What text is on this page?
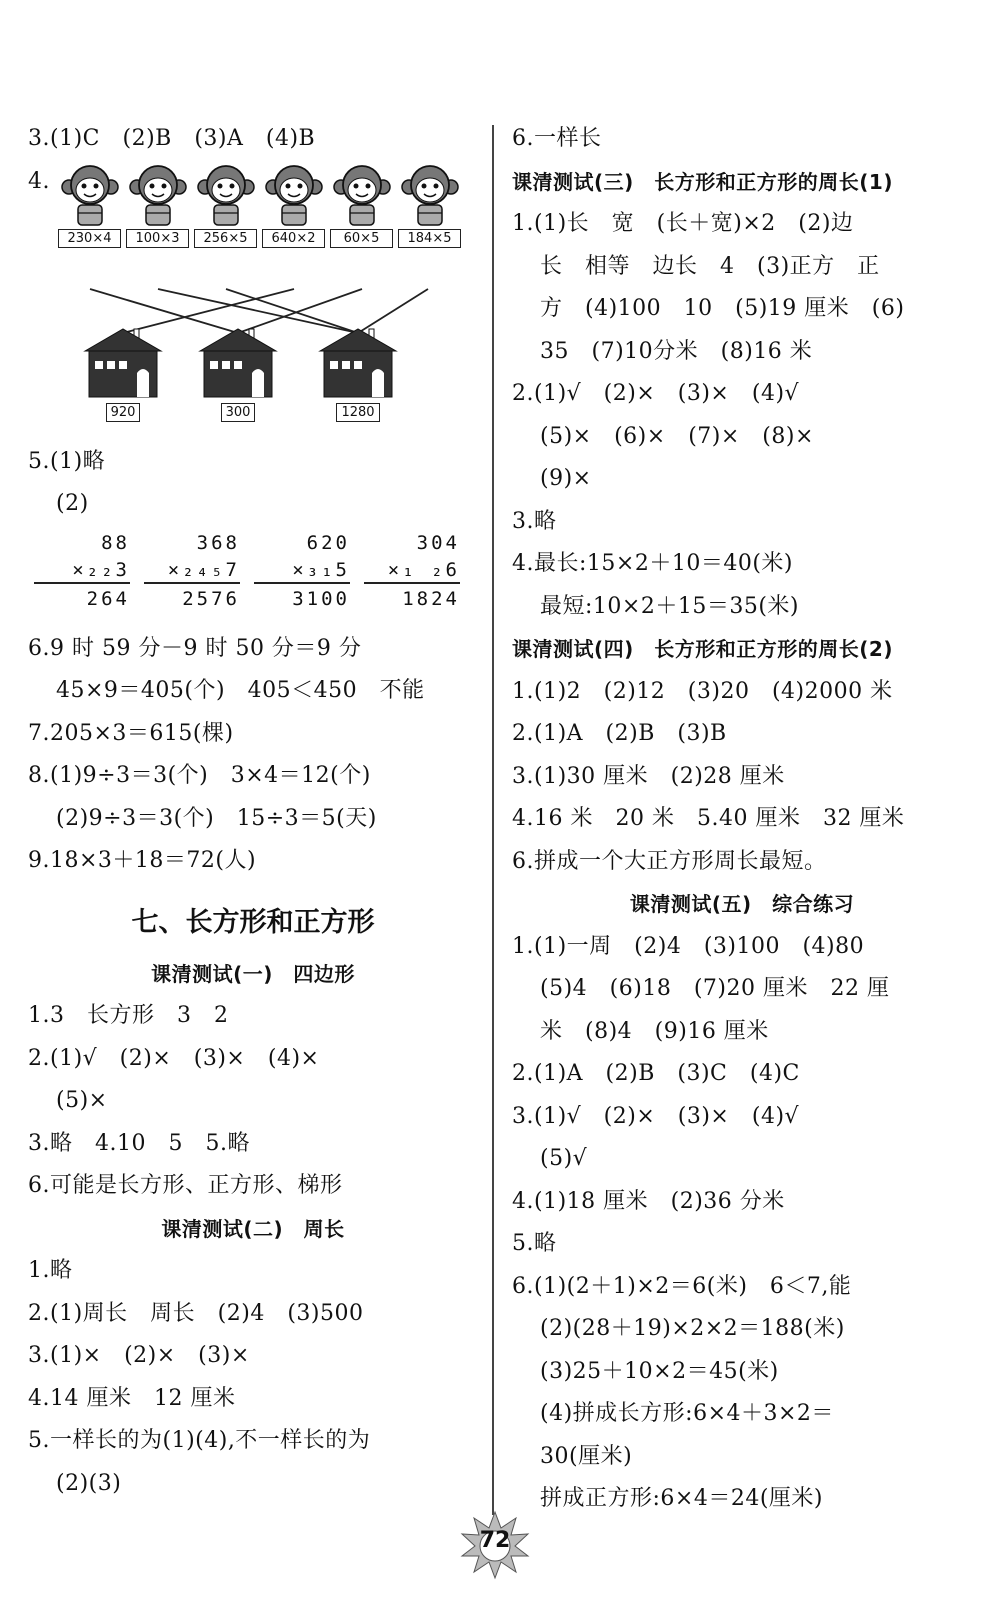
3.(1)C　(2)B　(3)A　(4)B
4.
230×4	100×3	256×5	640×2	60×5	184×5
920	300	1280
5.(1)略
(2)
88
×₂₂3
264
368
×₂₄₅7
2576
620
×₃₁5
3100
304
×₁ ₂6
1824
6.9 时 59 分－9 时 50 分＝9 分
45×9＝405(个)　405＜450　不能
7.205×3＝615(棵)
8.(1)9÷3＝3(个)　3×4＝12(个)
(2)9÷3＝3(个)　15÷3＝5(天)
9.18×3＋18＝72(人)
七、长方形和正方形
课清测试(一)　四边形
1.3　长方形　3　2
2.(1)√　(2)×　(3)×　(4)×
(5)×
3.略　4.10　5　5.略
6.可能是长方形、正方形、梯形
课清测试(二)　周长
1.略
2.(1)周长　周长　(2)4　(3)500
3.(1)×　(2)×　(3)×
4.14 厘米　12 厘米
5.一样长的为(1)(4),不一样长的为
(2)(3)
6.一样长
课清测试(三)　长方形和正方形的周长(1)
1.(1)长　宽　(长＋宽)×2　(2)边
长　相等　边长　4　(3)正方　正
方　(4)100　10　(5)19 厘米　(6)
35　(7)10分米　(8)16 米
2.(1)√　(2)×　(3)×　(4)√
(5)×　(6)×　(7)×　(8)×
(9)×
3.略
4.最长:15×2＋10＝40(米)
最短:10×2＋15＝35(米)
课清测试(四)　长方形和正方形的周长(2)
1.(1)2　(2)12　(3)20　(4)2000 米
2.(1)A　(2)B　(3)B
3.(1)30 厘米　(2)28 厘米
4.16 米　20 米　5.40 厘米　32 厘米
6.拼成一个大正方形周长最短。
课清测试(五)　综合练习
1.(1)一周　(2)4　(3)100　(4)80
(5)4　(6)18　(7)20 厘米　22 厘
米　(8)4　(9)16 厘米
2.(1)A　(2)B　(3)C　(4)C
3.(1)√　(2)×　(3)×　(4)√
(5)√
4.(1)18 厘米　(2)36 分米
5.略
6.(1)(2＋1)×2＝6(米)　6＜7,能
(2)(28＋19)×2×2＝188(米)
(3)25＋10×2＝45(米)
(4)拼成长方形:6×4＋3×2＝
30(厘米)
拼成正方形:6×4＝24(厘米)
72
